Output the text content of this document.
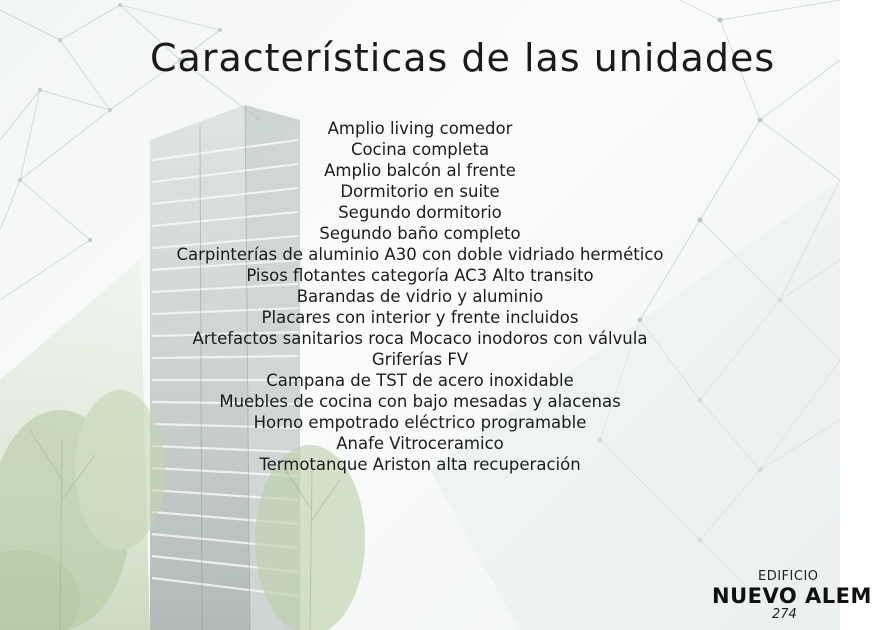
Características de las unidades
Amplio living comedor
Cocina completa
Amplio balcón al frente
Dormitorio en suite
Segundo dormitorio
Segundo baño completo
Carpinterías de aluminio A30 con doble vidriado hermético
Pisos flotantes categoría AC3 Alto transito
Barandas de vidrio y aluminio
Placares con interior y frente incluidos
Artefactos sanitarios roca Mocaco inodoros con válvula
Griferías FV
Campana de TST de acero inoxidable
Muebles de cocina con bajo mesadas y alacenas
Horno empotrado eléctrico programable
Anafe Vitroceramico
Termotanque Ariston alta recuperación
EDIFICIO
NUEVO ALEM
274
